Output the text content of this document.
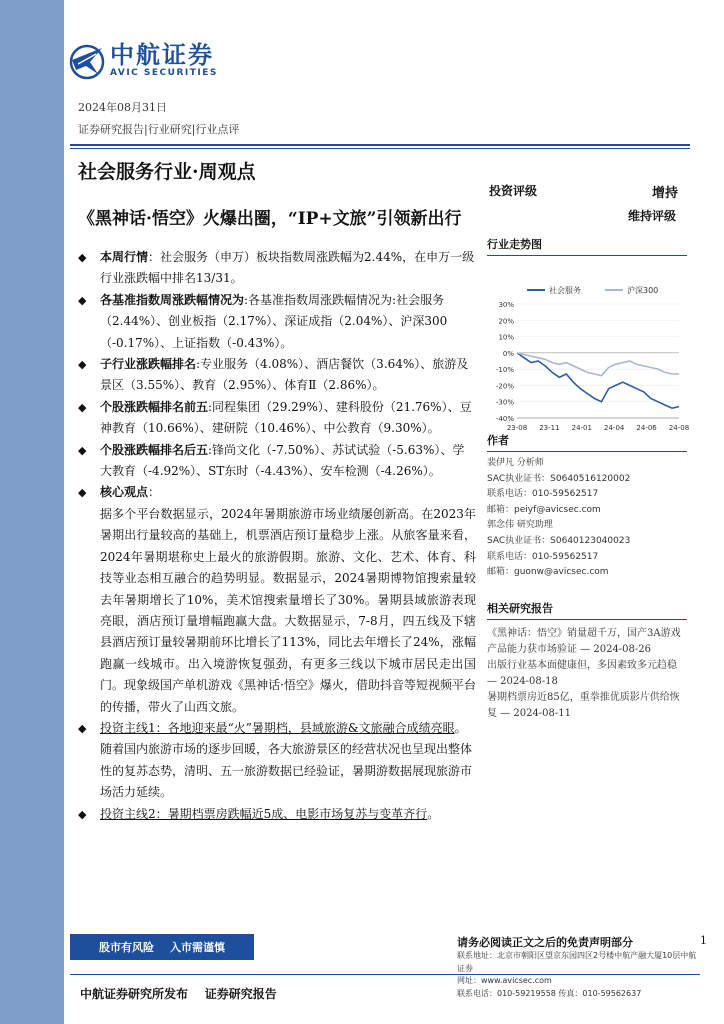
中航证券
AVIC SECURITIES
2024年08月31日
证券研究报告|行业研究|行业点评
社会服务行业·周观点
《黑神话·悟空》火爆出圈，“IP+文旅”引领新出行
投资评级	增持
维持评级
◆ 本周行情：社会服务（申万）板块指数周涨跌幅为2.44%，在申万一级行业涨跌幅中排名13/31。
◆ 各基准指数周涨跌幅情况为:各基准指数周涨跌幅情况为:社会服务（2.44%）、创业板指（2.17%）、深证成指（2.04%）、沪深300（-0.17%）、上证指数（-0.43%）。
◆ 子行业涨跌幅排名:专业服务（4.08%）、酒店餐饮（3.64%）、旅游及景区（3.55%）、教育（2.95%）、体育Ⅱ（2.86%）。
◆ 个股涨跌幅排名前五:同程集团（29.29%）、建科股份（21.76%）、豆神教育（10.66%）、建研院（10.46%）、中公教育（9.30%）。
◆ 个股涨跌幅排名后五:锋尚文化（-7.50%）、苏试试验（-5.63%）、学大教育（-4.92%）、ST东时（-4.43%）、安车检测（-4.26%）。
◆ 核心观点：
据多个平台数据显示，2024年暑期旅游市场业绩屡创新高。在2023年暑期出行量较高的基础上，机票酒店预订量稳步上涨。从旅客量来看，2024年暑期堪称史上最火的旅游假期。旅游、文化、艺术、体育、科技等业态相互融合的趋势明显。数据显示，2024暑期博物馆搜索量较去年暑期增长了10%，美术馆搜索量增长了30%。暑期县域旅游表现亮眼，酒店预订量增幅跑赢大盘。大数据显示，7-8月，四五线及下辖县酒店预订量较暑期前环比增长了113%，同比去年增长了24%，涨幅跑赢一线城市。出入境游恢复强劲，有更多三线以下城市居民走出国门。现象级国产单机游戏《黑神话·悟空》爆火，借助抖音等短视频平台的传播，带火了山西文旅。
◆ 投资主线1：各地迎来最“火”暑期档，县域旅游&文旅融合成绩亮眼。随着国内旅游市场的逐步回暖，各大旅游景区的经营状况也呈现出整体性的复苏态势，清明、五一旅游数据已经验证，暑期游数据展现旅游市场活力延续。
◆ 投资主线2：暑期档票房跌幅近5成、电影市场复苏与变革齐行。
行业走势图
社会服务	沪深300
30%
20%
10%
0%
-10%
-20%
-30%
-40%
23-08 23-11 24-01 24-04 24-06 24-08
作者
裴伊凡 分析师
SAC执业证书：S0640516120002
联系电话：010-59562517
邮箱：peiyf@avicsec.com
郭念伟 研究助理
SAC执业证书：S0640123040023
联系电话：010-59562517
邮箱：guonw@avicsec.com
相关研究报告
《黑神话：悟空》销量超千万，国产3A游戏产品能力获市场验证 — 2024-08-26
出版行业基本面健康但，多因素致多元趋稳 — 2024-08-18
暑期档票房近85亿，重拳推优质影片供给恢复 — 2024-08-11
股市有风险 入市需谨慎	请务必阅读正文之后的免责声明部分
联系地址：北京市朝阳区望京东园四区2号楼中航产融大厦10层中航证券
网址：www.avicsec.com
联系电话：010-59219558 传真：010-59562637
1
中航证券研究所发布    证券研究报告
